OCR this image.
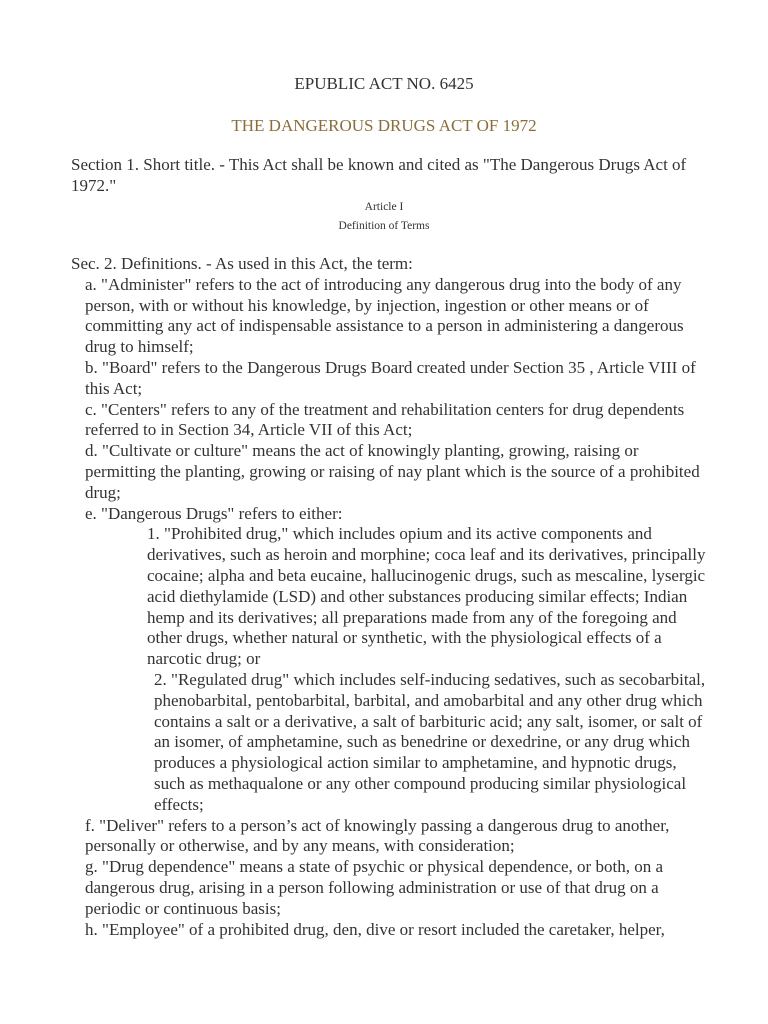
EPUBLIC ACT NO. 6425
THE DANGEROUS DRUGS ACT OF 1972
Section 1. Short title. - This Act shall be known and cited as "The Dangerous Drugs Act of 1972."
Article I
Definition of Terms

Sec. 2. Definitions. - As used in this Act, the term:

a. "Administer" refers to the act of introducing any dangerous drug into the body of any person, with or without his knowledge, by injection, ingestion or other means or of committing any act of indispensable assistance to a person in administering a dangerous drug to himself;

b. "Board" refers to the Dangerous Drugs Board created under Section 35 , Article VIII of this Act;

c. "Centers" refers to any of the treatment and rehabilitation centers for drug dependents referred to in Section 34, Article VII of this Act;

d. "Cultivate or culture" means the act of knowingly planting, growing, raising or permitting the planting, growing or raising of nay plant which is the source of a prohibited drug;

e. "Dangerous Drugs" refers to either:

1. "Prohibited drug," which includes opium and its active components and derivatives, such as heroin and morphine; coca leaf and its derivatives, principally cocaine; alpha and beta eucaine, hallucinogenic drugs, such as mescaline, lysergic acid diethylamide (LSD) and other substances producing similar effects; Indian hemp and its derivatives; all preparations made from any of the foregoing and other drugs, whether natural or synthetic, with the physiological effects of a narcotic drug; or

2. "Regulated drug" which includes self-inducing sedatives, such as secobarbital, phenobarbital, pentobarbital, barbital, and amobarbital and any other drug which contains a salt or a derivative, a salt of barbituric acid; any salt, isomer, or salt of an isomer, of amphetamine, such as benedrine or dexedrine, or any drug which produces a physiological action similar to amphetamine, and hypnotic drugs, such as methaqualone or any other compound producing similar physiological effects;

f. "Deliver" refers to a person’s act of knowingly passing a dangerous drug to another, personally or otherwise, and by any means, with consideration;

g. "Drug dependence" means a state of psychic or physical dependence, or both, on a dangerous drug, arising in a person following administration or use of that drug on a periodic or continuous basis;

h. "Employee" of a prohibited drug, den, dive or resort included the caretaker, helper,
